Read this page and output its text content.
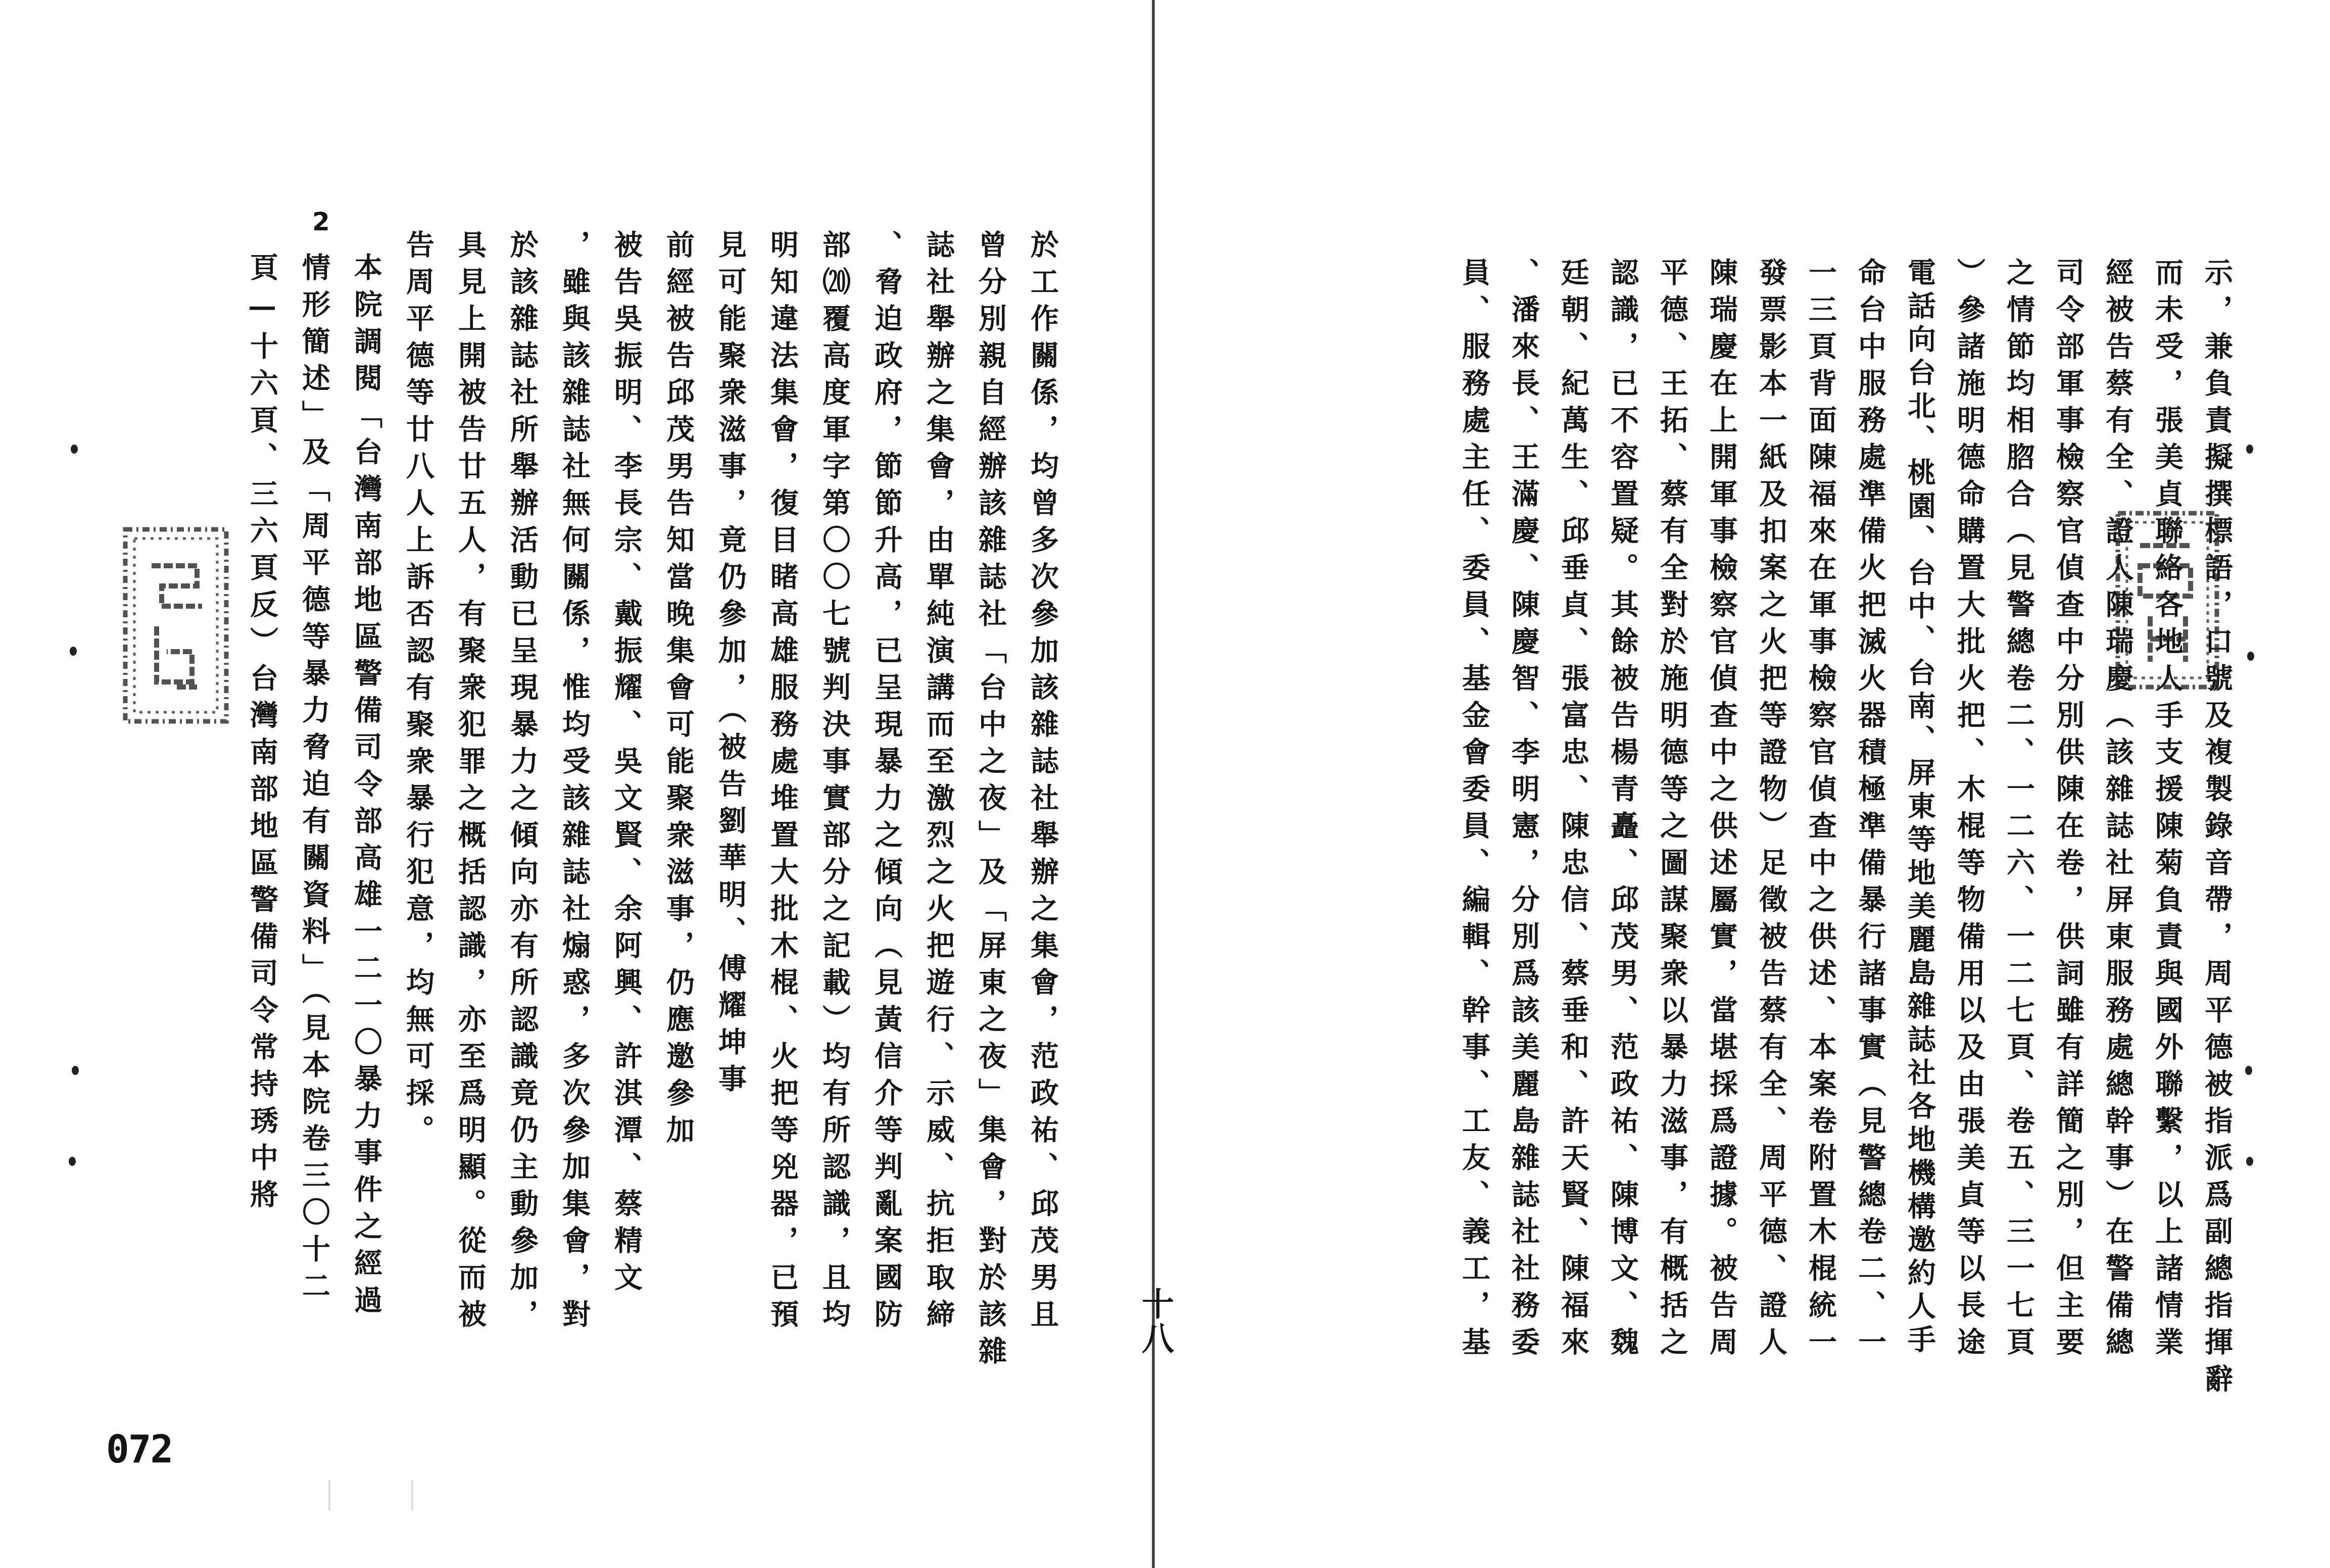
2
於工作關係，均曾多次參加該雜誌社舉辦之集會，范政祐、邱茂男且
曾分別親自經辦該雜誌社「台中之夜」及「屏東之夜」集會，對於該雜
誌社舉辦之集會，由單純演講而至激烈之火把遊行、示威、抗拒取締
、脅迫政府，節節升高，已呈現暴力之傾向（見黃信介等判亂案國防
部⒇覆高度軍字第〇〇七號判決事實部分之記載）均有所認識，且均
明知違法集會，復目睹高雄服務處堆置大批木棍、火把等兇器，已預
見可能聚衆滋事，竟仍參加，（被告劉華明、傅耀坤事
前經被告邱茂男告知當晚集會可能聚衆滋事，仍應邀參加
被告吳振明、李長宗、戴振耀、吳文賢、余阿興、許淇潭、蔡精文
，雖與該雜誌社無何關係，惟均受該雜誌社煽惑，多次參加集會，對
於該雜誌社所舉辦活動已呈現暴力之傾向亦有所認識竟仍主動參加，
具見上開被告廿五人，有聚衆犯罪之概括認識，亦至爲明顯。從而被
告周平德等廿八人上訴否認有聚衆暴行犯意，均無可採。
本院調閱「台灣南部地區警備司令部高雄一二一〇暴力事件之經過
情形簡述」及「周平德等暴力脅迫有關資料」（見本院卷三〇十二
頁—十六頁、三六頁反）台灣南部地區警備司令常持琇中將
072
示，兼負責擬撰標語，口號及複製錄音帶，周平德被指派爲副總指揮辭
而未受，張美貞聯絡各地人手支援陳菊負責與國外聯繫，以上諸情業
經被告蔡有全、證人陳瑞慶（該雜誌社屏東服務處總幹事）在警備總
司令部軍事檢察官偵查中分別供陳在卷，供詞雖有詳簡之別，但主要
之情節均相脗合（見警總卷二、一二六、一二七頁、卷五、三一七頁
）參諸施明德命購置大批火把、木棍等物備用以及由張美貞等以長途
電話向台北、桃園、台中、台南、屏東等地美麗島雜誌社各地機構邀約人手
命台中服務處準備火把滅火器積極準備暴行諸事實（見警總卷二、一
一三頁背面陳福來在軍事檢察官偵查中之供述、本案卷附置木棍統一
發票影本一紙及扣案之火把等證物）足徵被告蔡有全、周平德、證人
陳瑞慶在上開軍事檢察官偵查中之供述屬實，當堪採爲證據。被告周
平德、王拓、蔡有全對於施明德等之圖謀聚衆以暴力滋事，有概括之
認識，已不容置疑。其餘被告楊青矗、邱茂男、范政祐、陳博文、魏
廷朝、紀萬生、邱垂貞、張富忠、陳忠信、蔡垂和、許天賢、陳福來
、潘來長、王滿慶、陳慶智、李明憲，分別爲該美麗島雜誌社社務委
員、服務處主任、委員、基金會委員、編輯、幹事、工友、義工，基
十八
